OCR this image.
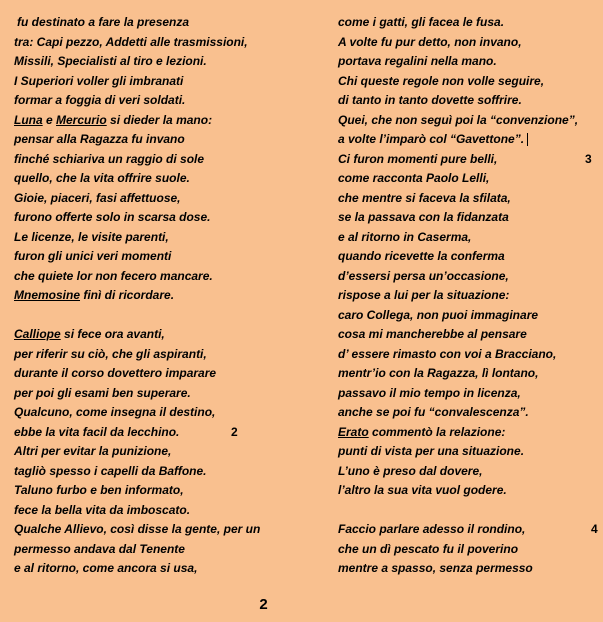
fu destinato a fare la presenza
tra: Capi pezzo, Addetti alle trasmissioni,
Missili, Specialisti al tiro e lezioni.
I Superiori voller gli imbranati
formar a foggia di veri soldati.
Luna e Mercurio si dieder la mano:
pensar alla Ragazza fu invano
finché schiariva un raggio di sole
quello, che la vita offrire suole.
Gioie, piaceri, fasi affettuose,
furono offerte solo in scarsa dose.
Le licenze, le visite parenti,
furon gli unici veri momenti
che quiete lor non fecero mancare.
Mnemosine finì di ricordare.
Calliope si fece ora avanti,
per riferir su ciò, che gli aspiranti,
durante il corso dovettero imparare
per poi gli esami ben superare.
Qualcuno, come insegna il destino,
ebbe la vita facil da lecchino.	2
Altri per evitar la punizione,
tagliò spesso i capelli da Baffone.
Taluno furbo e ben informato,
fece la bella vita da imboscato.
Qualche Allievo, così disse la gente, per un
permesso andava dal Tenente
e al ritorno, come ancora si usa,
come i gatti, gli facea le fusa.
A volte fu pur detto, non invano,
portava regalini nella mano.
Chi queste regole non volle seguire,
di tanto in tanto dovette soffrire.
Quei, che non seguì poi la “convenzione”,
a volte l’imparò col “Gavettone”.
Ci furon momenti pure belli,	3
come racconta Paolo Lelli,
che mentre si faceva la sfilata,
se la passava con la fidanzata
e al ritorno in Caserma,
quando ricevette la conferma
d’essersi persa un’occasione,
rispose a lui per la situazione:
caro Collega, non puoi immaginare
cosa mi mancherebbe al pensare
d’ essere rimasto con voi a Bracciano,
mentr’io con la Ragazza, lì lontano,
passavo il mio tempo in licenza,
anche se poi fu “convalescenza”.
Erato commentò la relazione:
punti di vista per una situazione.
L’uno è preso dal dovere,
l’altro la sua vita vuol godere.
Faccio parlare adesso il rondino,	4
che un dì pescato fu il poverino
mentre a spasso, senza permesso
2
